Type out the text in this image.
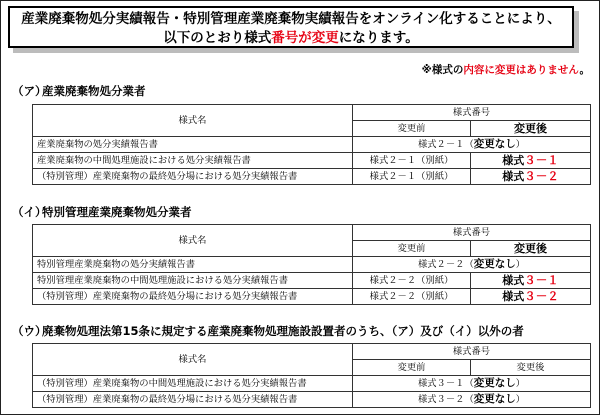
産業廃棄物処分実績報告・特別管理産業廃棄物実績報告をオンライン化することにより、
以下のとおり様式番号が変更になります。
※様式の内容に変更はありません。
（ア）産業廃棄物処分業者
様式名	様式番号	
	変更前	変更後
産業廃棄物の処分実績報告書	様式２－１（変更なし）	
産業廃棄物の中間処理施設における処分実績報告書	様式２－１（別紙）	様式３－１
（特別管理）産業廃棄物の最終処分場における処分実績報告書	様式２－１（別紙）	様式３－２
（イ）特別管理産業廃棄物処分業者
様式名	様式番号	
	変更前	変更後
特別管理産業廃棄物の処分実績報告書	様式２－２（変更なし）	
特別管理産業廃棄物の中間処理施設における処分実績報告書	様式２－２（別紙）	様式３－１
（特別管理）産業廃棄物の最終処分場における処分実績報告書	様式２－２（別紙）	様式３－２
（ウ）廃棄物処理法第15条に規定する産業廃棄物処理施設設置者のうち、（ア）及び（イ）以外の者
様式名	様式番号	
	変更前	変更後
（特別管理）産業廃棄物の中間処理施設における処分実績報告書	様式３－１（変更なし）	
（特別管理）産業廃棄物の最終処分場における処分実績報告書	様式３－２（変更なし）	
